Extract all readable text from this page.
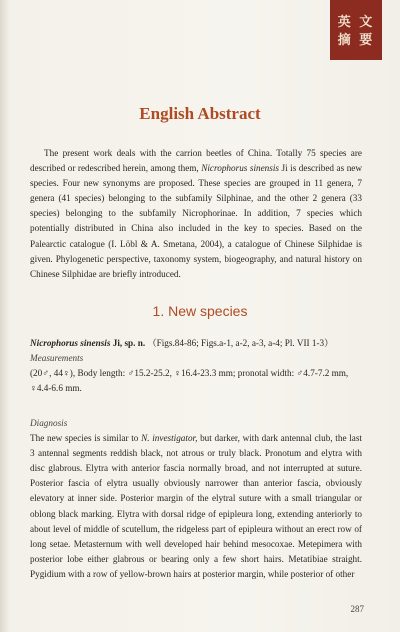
英 文
摘 要
English Abstract

The present work deals with the carrion beetles of China. Totally 75 species are described or redescribed herein, among them, Nicrophorus sinensis Ji is described as new species. Four new synonyms are proposed. These species are grouped in 11 genera, 7 genera (41 species) belonging to the subfamily Silphinae, and the other 2 genera (33 species) belonging to the subfamily Nicrophorinae. In addition, 7 species which potentially distributed in China also included in the key to species. Based on the Palearctic catalogue (I. Löbl & A. Smetana, 2004), a catalogue of Chinese Silphidae is given. Phylogenetic perspective, taxonomy system, biogeography, and natural history on Chinese Silphidae are briefly introduced.

1. New species
Nicrophorus sinensis Ji, sp. n. （Figs.84-86; Figs.a-1, a-2, a-3, a-4; Pl. VII 1-3）
Measurements
(20♂, 44♀), Body length: ♂15.2-25.2, ♀16.4-23.3 mm; pronotal width: ♂4.7-7.2 mm, ♀4.4-6.6 mm.
Diagnosis
The new species is similar to N. investigator, but darker, with dark antennal club, the last 3 antennal segments reddish black, not atrous or truly black. Pronotum and elytra with disc glabrous. Elytra with anterior fascia normally broad, and not interrupted at suture. Posterior fascia of elytra usually obviously narrower than anterior fascia, obviously elevatory at inner side. Posterior margin of the elytral suture with a small triangular or oblong black marking. Elytra with dorsal ridge of epipleura long, extending anteriorly to about level of middle of scutellum, the ridgeless part of epipleura without an erect row of long setae. Metasternum with well developed hair behind mesocoxae. Metepimera with posterior lobe either glabrous or bearing only a few short hairs. Metatibiae straight. Pygidium with a row of yellow-brown hairs at posterior margin, while posterior of other
287
